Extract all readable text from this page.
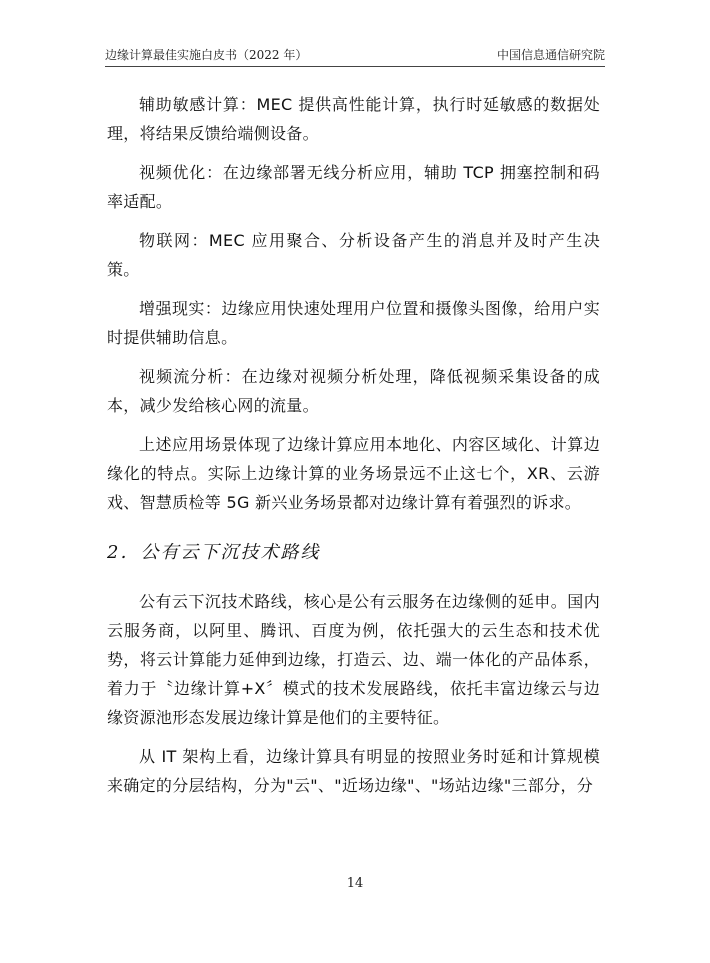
边缘计算最佳实施白皮书（2022 年）	中国信息通信研究院

辅助敏感计算：MEC 提供高性能计算，执行时延敏感的数据处理，将结果反馈给端侧设备。

视频优化：在边缘部署无线分析应用，辅助 TCP 拥塞控制和码率适配。

物联网：MEC 应用聚合、分析设备产生的消息并及时产生决策。

增强现实：边缘应用快速处理用户位置和摄像头图像，给用户实时提供辅助信息。

视频流分析：在边缘对视频分析处理，降低视频采集设备的成本，减少发给核心网的流量。

上述应用场景体现了边缘计算应用本地化、内容区域化、计算边缘化的特点。实际上边缘计算的业务场景远不止这七个，XR、云游戏、智慧质检等 5G 新兴业务场景都对边缘计算有着强烈的诉求。

2．公有云下沉技术路线

公有云下沉技术路线，核心是公有云服务在边缘侧的延申。国内云服务商，以阿里、腾讯、百度为例，依托强大的云生态和技术优势，将云计算能力延伸到边缘，打造云、边、端一体化的产品体系，着力于〝边缘计算+X〞模式的技术发展路线，依托丰富边缘云与边缘资源池形态发展边缘计算是他们的主要特征。

从 IT 架构上看，边缘计算具有明显的按照业务时延和计算规模来确定的分层结构，分为"云"、"近场边缘"、"场站边缘"三部分，分

14
